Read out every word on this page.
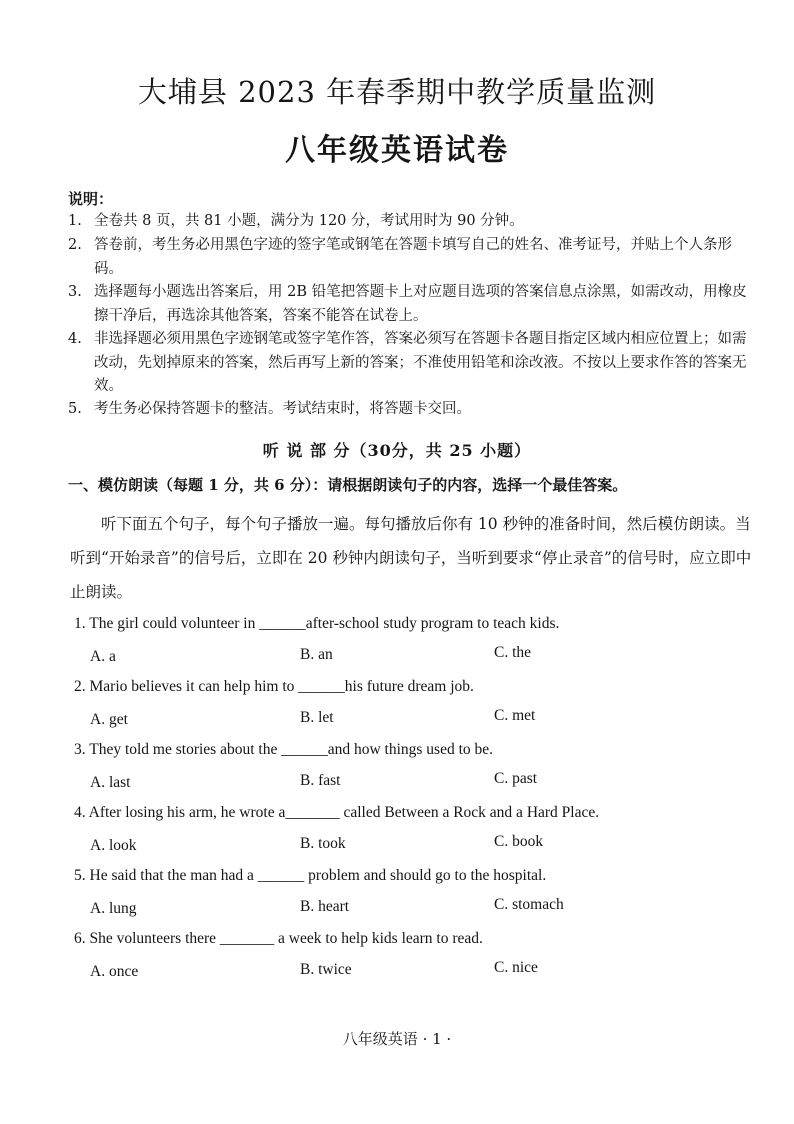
大埔县 2023 年春季期中教学质量监测
八年级英语试卷
说明：
1. 全卷共 8 页，共 81 小题，满分为 120 分，考试用时为 90 分钟。
2. 答卷前，考生务必用黑色字迹的签字笔或钢笔在答题卡填写自己的姓名、准考证号，并贴上个人条形码。
3. 选择题每小题选出答案后，用 2B 铅笔把答题卡上对应题目选项的答案信息点涂黑，如需改动，用橡皮擦干净后，再选涂其他答案，答案不能答在试卷上。
4. 非选择题必须用黑色字迹钢笔或签字笔作答，答案必须写在答题卡各题目指定区域内相应位置上；如需改动，先划掉原来的答案，然后再写上新的答案；不准使用铅笔和涂改液。不按以上要求作答的答案无效。
5. 考生务必保持答题卡的整洁。考试结束时，将答题卡交回。
听 说 部 分（30分，共 25 小题）
一、模仿朗读（每题 1 分，共 6 分）：请根据朗读句子的内容，选择一个最佳答案。
听下面五个句子，每个句子播放一遍。每句播放后你有 10 秒钟的准备时间，然后模仿朗读。当听到“开始录音”的信号后，立即在 20 秒钟内朗读句子，当听到要求“停止录音”的信号时，应立即中止朗读。
1. The girl could volunteer in ______after-school study program to teach kids.
A. a	B. an	C. the
2. Mario believes it can help him to ______his future dream job.
A. get	B. let	C. met
3. They told me stories about the ______and how things used to be.
A. last	B. fast	C. past
4. After losing his arm, he wrote a_______ called Between a Rock and a Hard Place.
A. look	B. took	C. book
5. He said that the man had a ______ problem and should go to the hospital.
A. lung	B. heart	C. stomach
6. She volunteers there _______ a week to help kids learn to read.
A. once	B. twice	C. nice
八年级英语 · 1 ·
